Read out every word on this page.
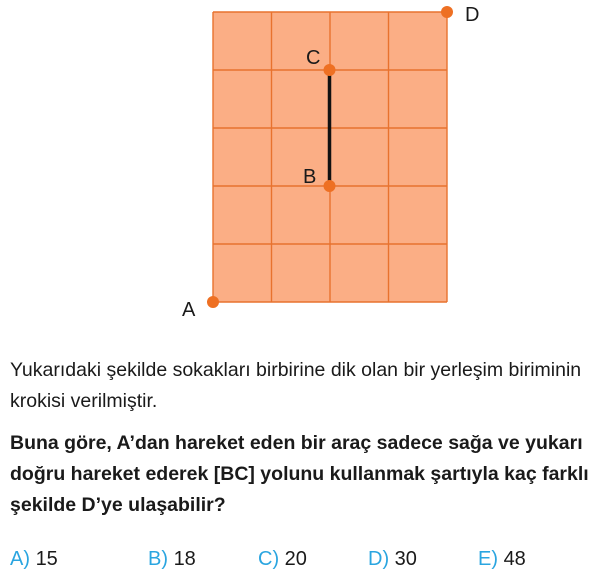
A
B
C
D

Yukarıdaki şekilde sokakları birbirine dik olan bir yerleşim biriminin krokisi verilmiştir.

Buna göre, A’dan hareket eden bir araç sadece sağa ve yukarı doğru hareket ederek [BC] yolunu kullanmak şartıyla kaç farklı şekilde D’ye ulaşabilir?

A) 15	B) 18	C) 20	D) 30	E) 48
